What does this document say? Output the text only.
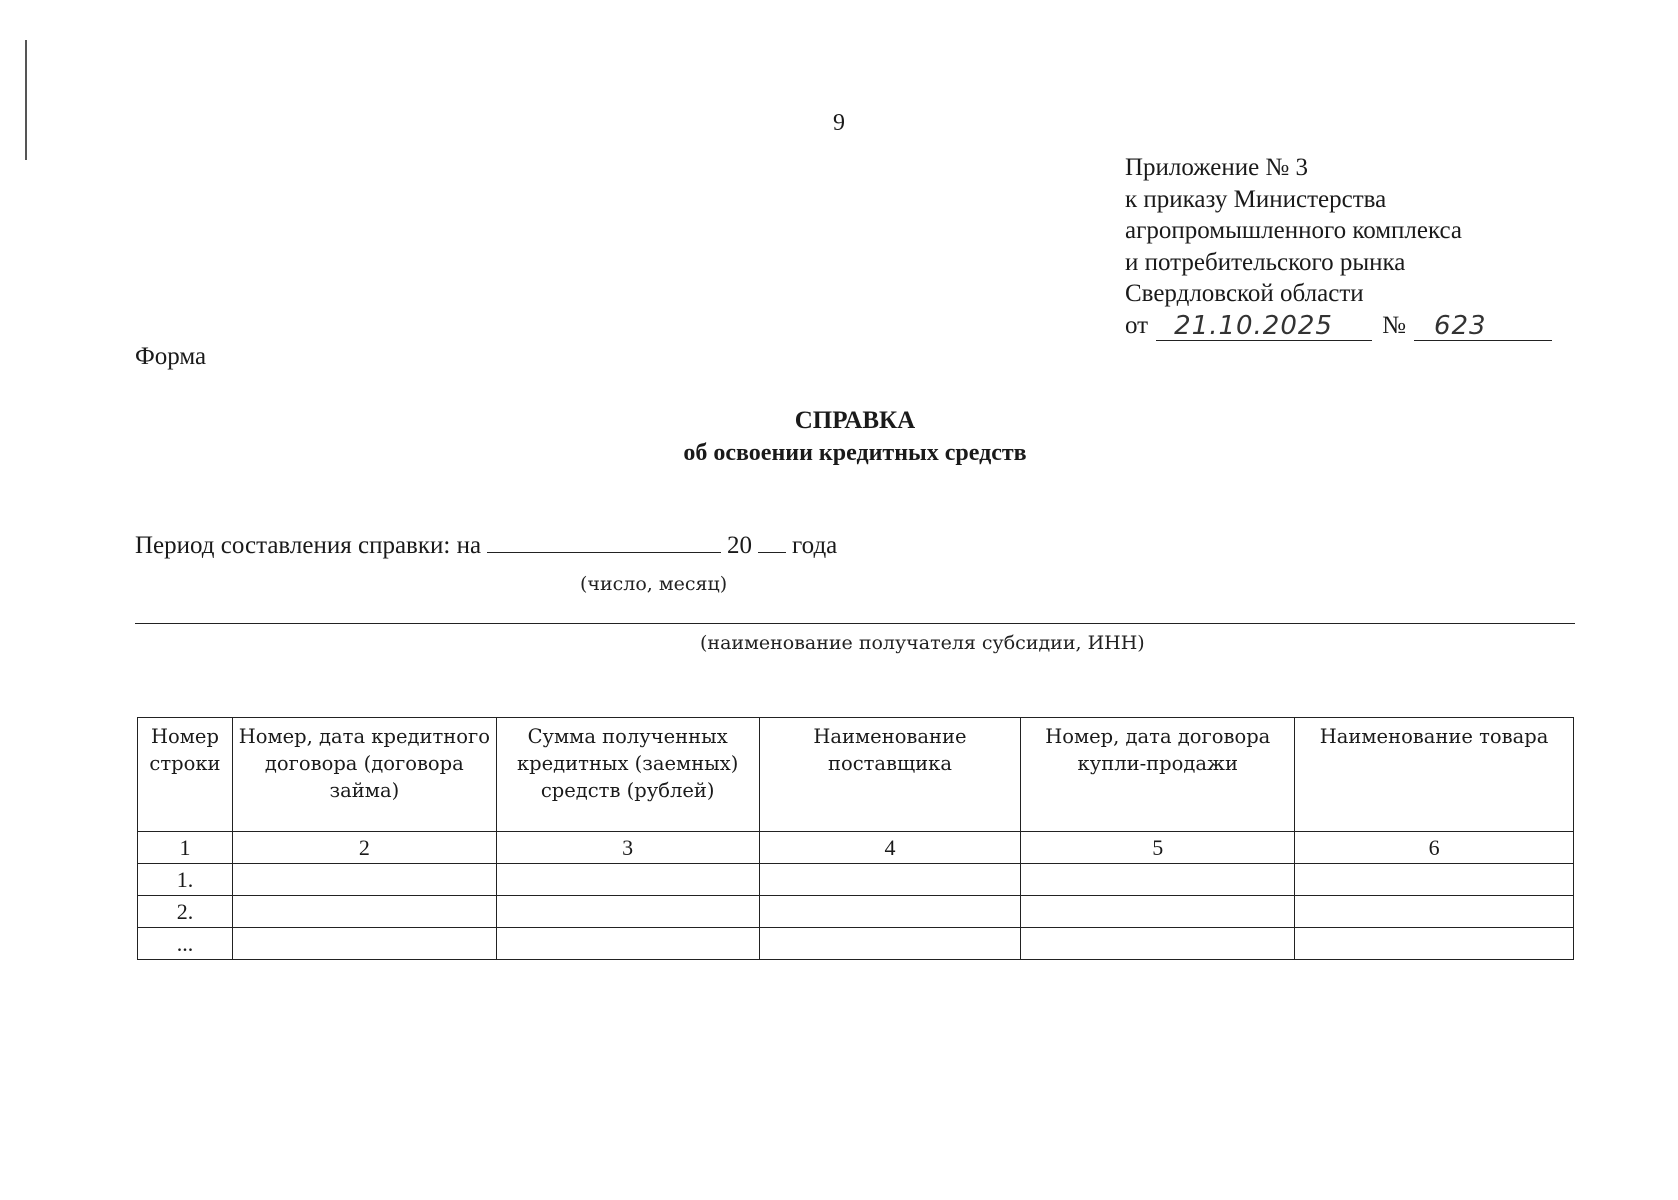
9
Приложение № 3
к приказу Министерства
агропромышленного комплекса
и потребительского рынка
Свердловской области
от	21.10.2025	№	623
Форма
СПРАВКА
об освоении кредитных средств
Период составления справки: на	20 года
(число, месяц)
(наименование получателя субсидии, ИНН)
Номер строки	Номер, дата кредитного договора (договора займа)	Сумма полученных кредитных (заемных) средств (рублей)	Наименование поставщика	Номер, дата договора купли-продажи	Наименование товара
1	2	3	4	5	6
1.					
2.					
...					
